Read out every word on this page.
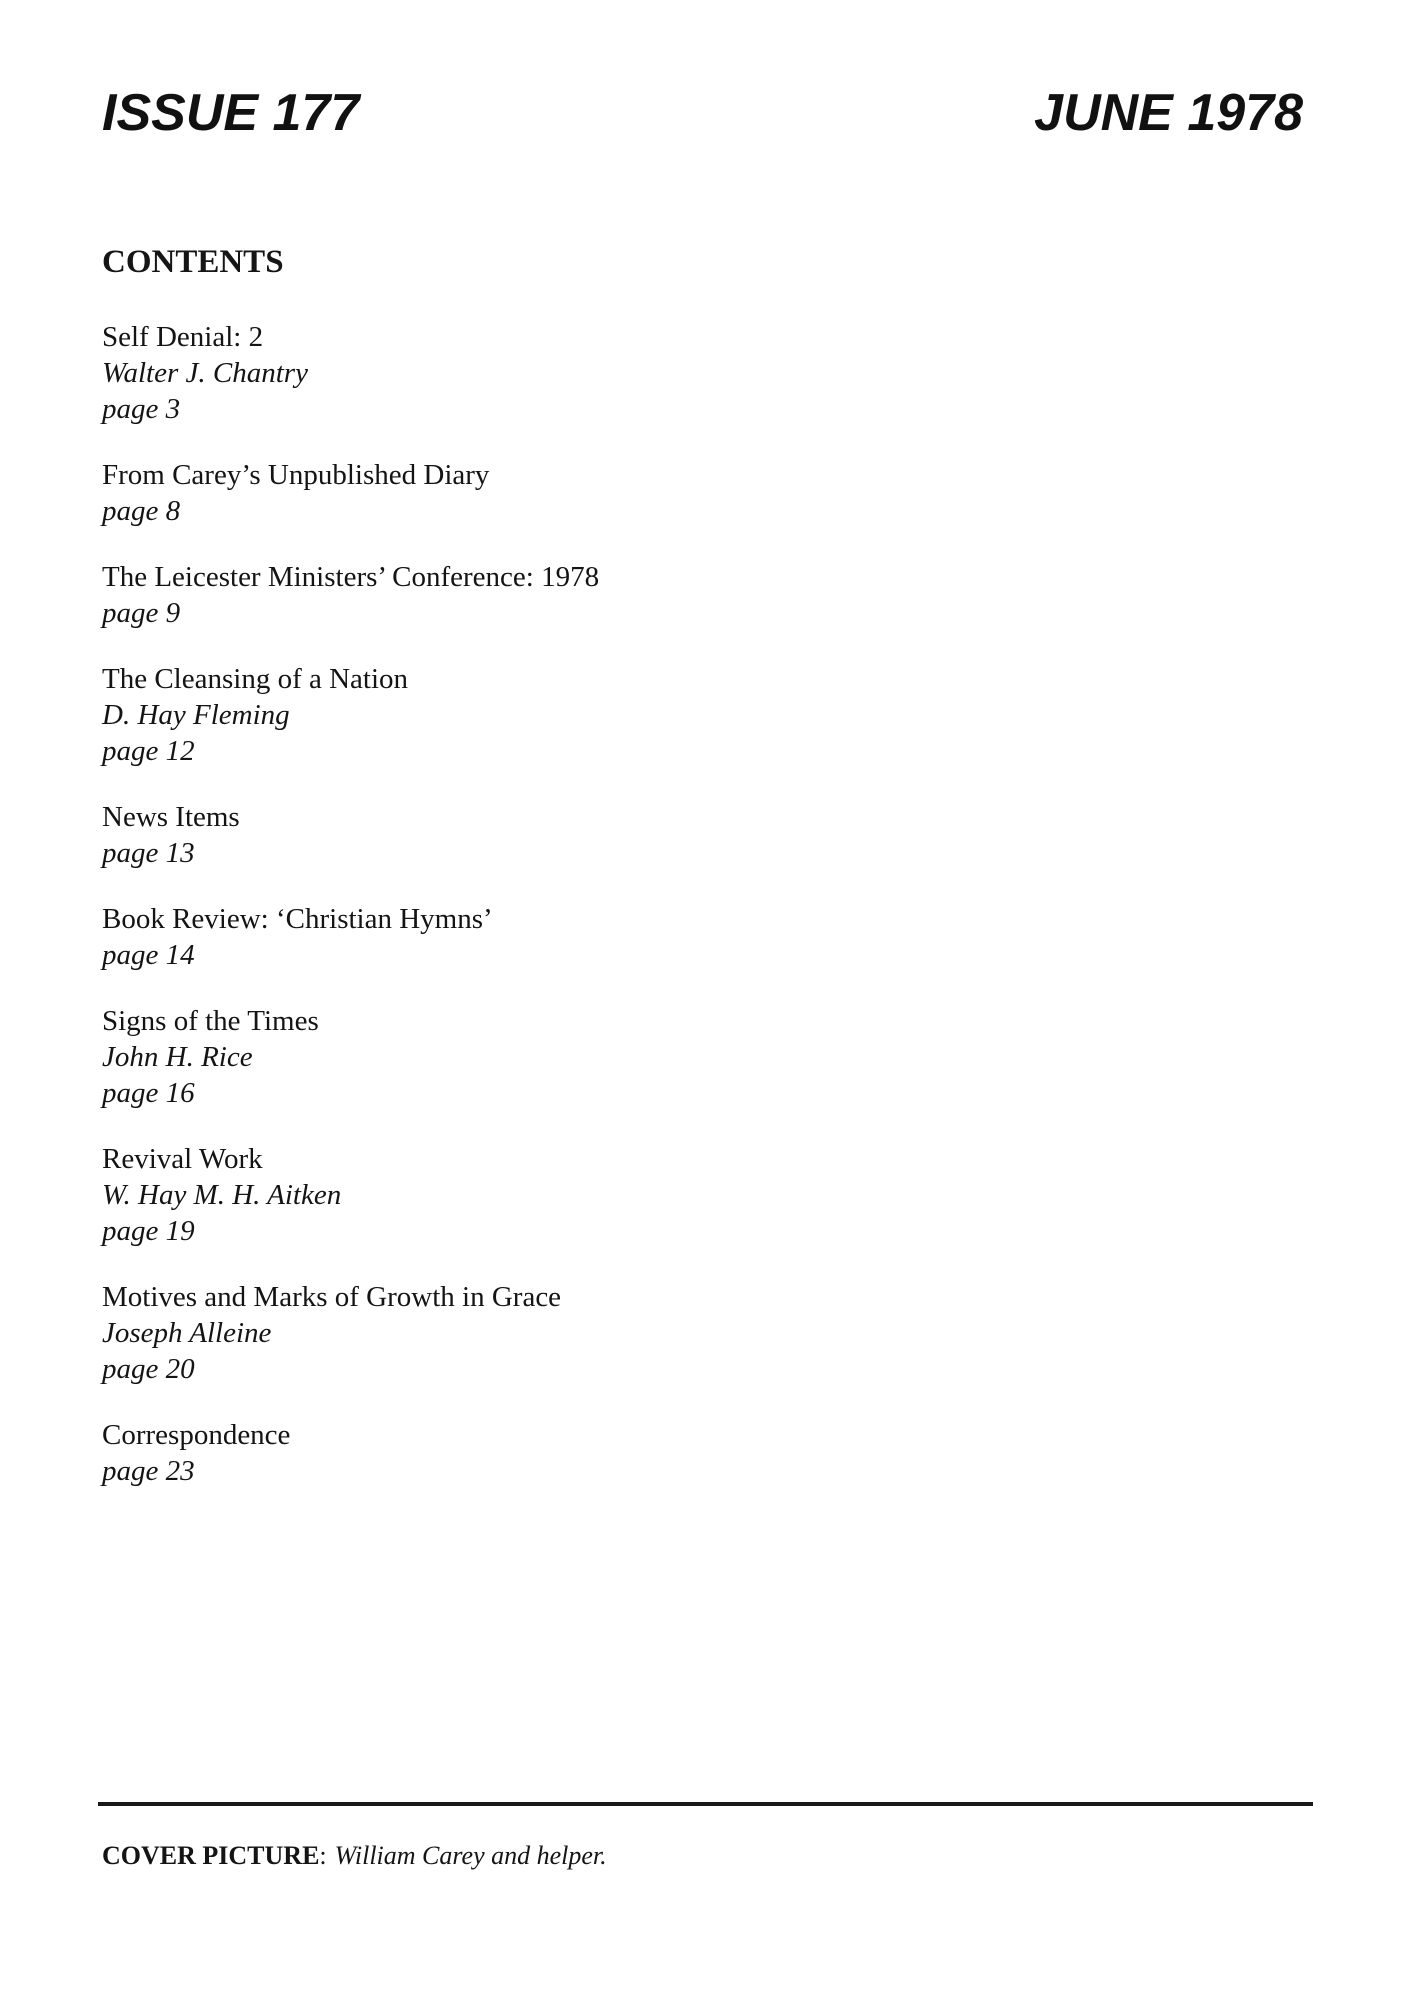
ISSUE 177	JUNE 1978
CONTENTS
Self Denial: 2
Walter J. Chantry
page 3
From Carey’s Unpublished Diary
page 8
The Leicester Ministers’ Conference: 1978
page 9
The Cleansing of a Nation
D. Hay Fleming
page 12
News Items
page 13
Book Review: ‘Christian Hymns’
page 14
Signs of the Times
John H. Rice
page 16
Revival Work
W. Hay M. H. Aitken
page 19
Motives and Marks of Growth in Grace
Joseph Alleine
page 20
Correspondence
page 23
COVER PICTURE: William Carey and helper.
